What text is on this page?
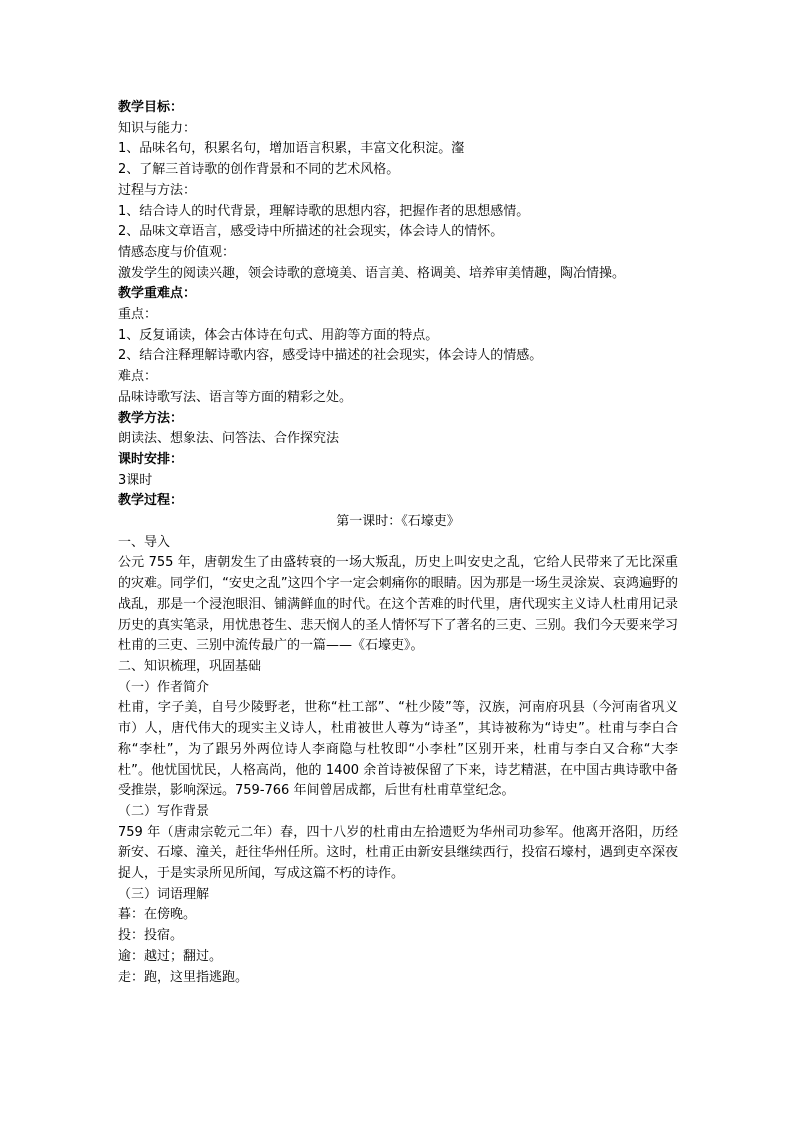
教学目标：
知识与能力：
1、品味名句，积累名句，增加语言积累，丰富文化积淀。瀣
2、了解三首诗歌的创作背景和不同的艺术风格。
过程与方法：
1、结合诗人的时代背景，理解诗歌的思想内容，把握作者的思想感情。
2、品味文章语言，感受诗中所描述的社会现实，体会诗人的情怀。
情感态度与价值观：
激发学生的阅读兴趣，领会诗歌的意境美、语言美、格调美、培养审美情趣，陶冶情操。
教学重难点：
重点：
1、反复诵读，体会古体诗在句式、用韵等方面的特点。
2、结合注释理解诗歌内容，感受诗中描述的社会现实，体会诗人的情感。
难点：
品味诗歌写法、语言等方面的精彩之处。
教学方法：
朗读法、想象法、问答法、合作探究法
课时安排：
3课时
教学过程：
第一课时：《石壕吏》
一、导入
公元 755 年，唐朝发生了由盛转衰的一场大叛乱，历史上叫安史之乱，它给人民带来了无比深重的灾难。同学们，“安史之乱”这四个字一定会刺痛你的眼睛。因为那是一场生灵涂炭、哀鸿遍野的战乱，那是一个浸泡眼泪、铺满鲜血的时代。在这个苦难的时代里，唐代现实主义诗人杜甫用记录历史的真实笔录，用忧患苍生、悲天悯人的圣人情怀写下了著名的三吏、三别。我们今天要来学习杜甫的三吏、三别中流传最广的一篇——《石壕吏》。
二、知识梳理，巩固基础
（一）作者简介
杜甫，字子美，自号少陵野老，世称“杜工部”、“杜少陵”等，汉族，河南府巩县（今河南省巩义市）人，唐代伟大的现实主义诗人，杜甫被世人尊为“诗圣”，其诗被称为“诗史”。杜甫与李白合称“李杜”，为了跟另外两位诗人李商隐与杜牧即“小李杜”区别开来，杜甫与李白又合称“大李杜”。他忧国忧民，人格高尚，他的 1400 余首诗被保留了下来，诗艺精湛，在中国古典诗歌中备受推崇，影响深远。759-766 年间曾居成都，后世有杜甫草堂纪念。
（二）写作背景
759 年（唐肃宗乾元二年）春，四十八岁的杜甫由左拾遗贬为华州司功参军。他离开洛阳，历经新安、石壕、潼关，赶往华州任所。这时，杜甫正由新安县继续西行，投宿石壕村，遇到吏卒深夜捉人，于是实录所见所闻，写成这篇不朽的诗作。
（三）词语理解
暮：在傍晚。
投：投宿。
逾：越过；翻过。
走：跑，这里指逃跑。
